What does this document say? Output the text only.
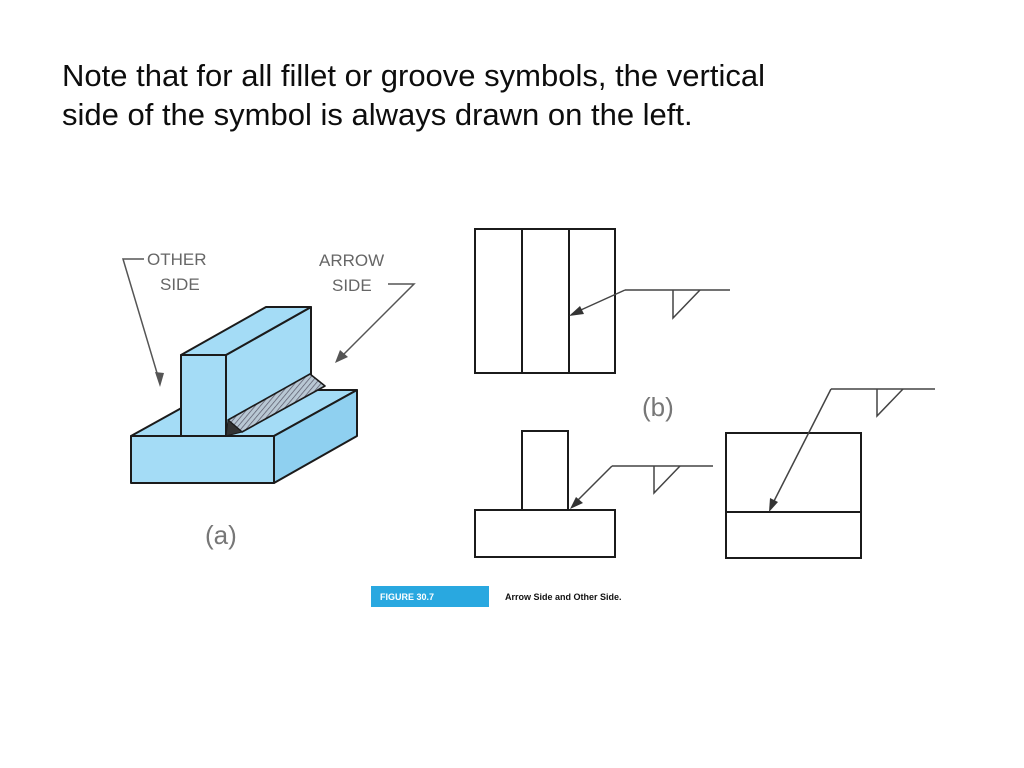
Note that for all fillet or groove symbols, the vertical
side of the symbol is always drawn on the left.
OTHER
SIDE
ARROW
SIDE
(a)
(b)
FIGURE 30.7	Arrow Side and Other Side.
